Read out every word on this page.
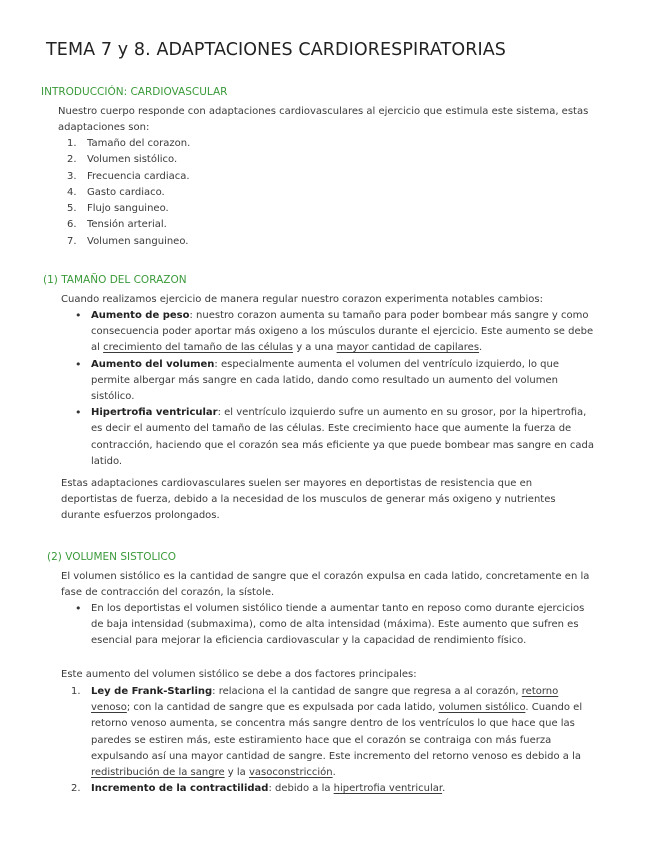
TEMA 7 y 8. ADAPTACIONES CARDIORESPIRATORIAS
INTRODUCCIÓN: CARDIOVASCULAR
Nuestro cuerpo responde con adaptaciones cardiovasculares al ejercicio que estimula este sistema, estas adaptaciones son:
1. Tamaño del corazon.
2. Volumen sistólico.
3. Frecuencia cardiaca.
4. Gasto cardiaco.
5. Flujo sanguineo.
6. Tensión arterial.
7. Volumen sanguineo.
(1) TAMAÑO DEL CORAZON
Cuando realizamos ejercicio de manera regular nuestro corazon experimenta notables cambios:
• Aumento de peso: nuestro corazon aumenta su tamaño para poder bombear más sangre y como consecuencia poder aportar más oxigeno a los músculos durante el ejercicio. Este aumento se debe al crecimiento del tamaño de las células y a una mayor cantidad de capilares.
• Aumento del volumen: especialmente aumenta el volumen del ventrículo izquierdo, lo que permite albergar más sangre en cada latido, dando como resultado un aumento del volumen sistólico.
• Hipertrofia ventricular: el ventrículo izquierdo sufre un aumento en su grosor, por la hipertrofia, es decir el aumento del tamaño de las células. Este crecimiento hace que aumente la fuerza de contracción, haciendo que el corazón sea más eficiente ya que puede bombear mas sangre en cada latido.
Estas adaptaciones cardiovasculares suelen ser mayores en deportistas de resistencia que en deportistas de fuerza, debido a la necesidad de los musculos de generar más oxigeno y nutrientes durante esfuerzos prolongados.
(2) VOLUMEN SISTOLICO
El volumen sistólico es la cantidad de sangre que el corazón expulsa en cada latido, concretamente en la fase de contracción del corazón, la sístole.
• En los deportistas el volumen sistólico tiende a aumentar tanto en reposo como durante ejercicios de baja intensidad (submaxima), como de alta intensidad (máxima). Este aumento que sufren es esencial para mejorar la eficiencia cardiovascular y la capacidad de rendimiento físico.
Este aumento del volumen sistólico se debe a dos factores principales:
1. Ley de Frank-Starling: relaciona el la cantidad de sangre que regresa a al corazón, retorno venoso; con la cantidad de sangre que es expulsada por cada latido, volumen sistólico. Cuando el retorno venoso aumenta, se concentra más sangre dentro de los ventrículos lo que hace que las paredes se estiren más, este estiramiento hace que el corazón se contraiga con más fuerza expulsando así una mayor cantidad de sangre. Este incremento del retorno venoso es debido a la redistribución de la sangre y la vasoconstricción.
2. Incremento de la contractilidad: debido a la hipertrofia ventricular.
